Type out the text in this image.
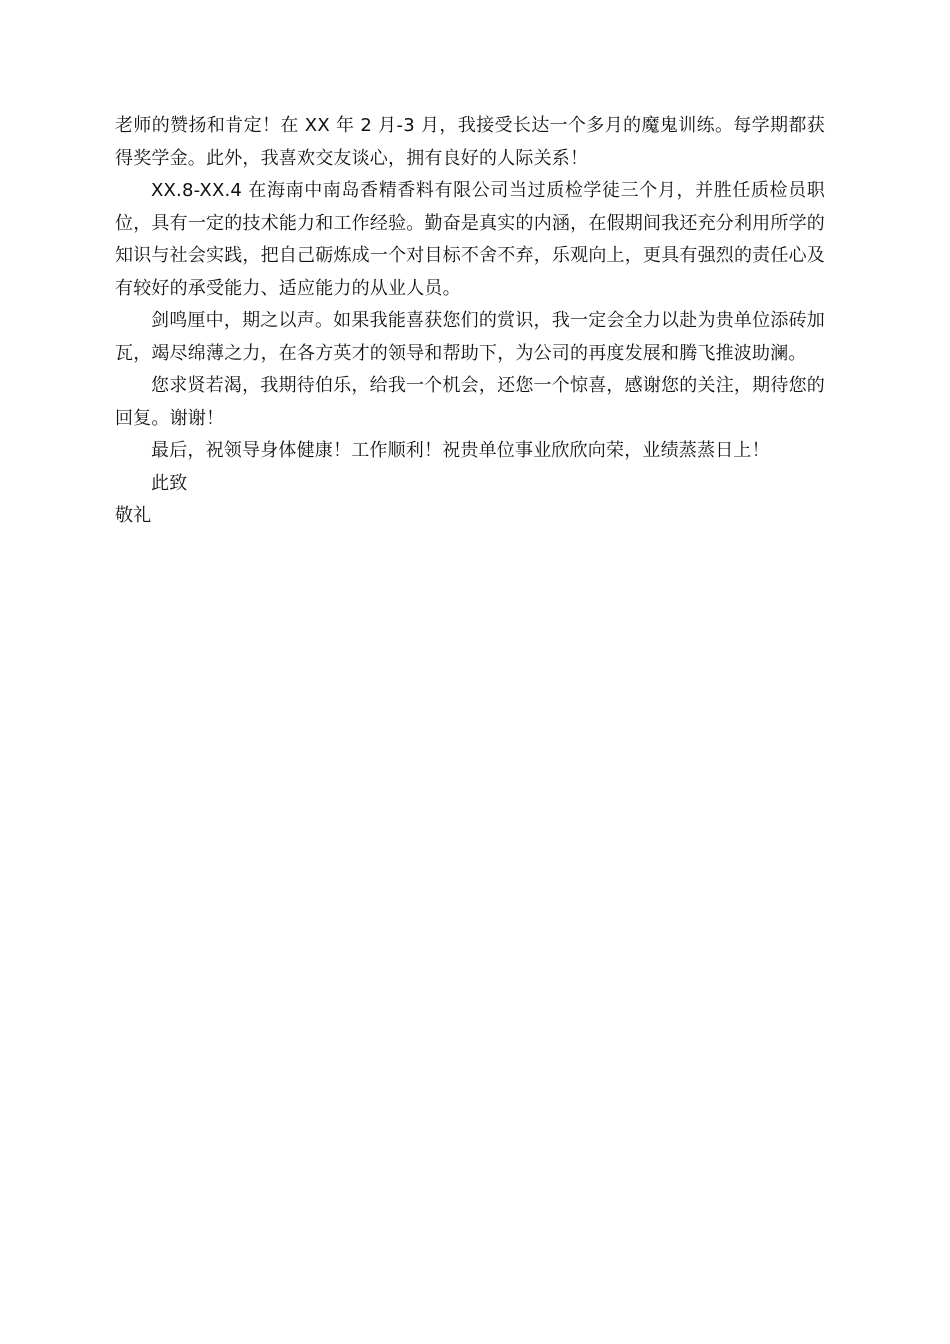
老师的赞扬和肯定！在 XX 年 2 月-3 月，我接受长达一个多月的魔鬼训练。每学期都获得奖学金。此外，我喜欢交友谈心，拥有良好的人际关系！

XX.8-XX.4 在海南中南岛香精香料有限公司当过质检学徒三个月，并胜任质检员职位，具有一定的技术能力和工作经验。勤奋是真实的内涵，在假期间我还充分利用所学的知识与社会实践，把自己砺炼成一个对目标不舍不弃，乐观向上，更具有强烈的责任心及有较好的承受能力、适应能力的从业人员。

剑鸣厘中，期之以声。如果我能喜获您们的赏识，我一定会全力以赴为贵单位添砖加瓦，竭尽绵薄之力，在各方英才的领导和帮助下，为公司的再度发展和腾飞推波助澜。

您求贤若渴，我期待伯乐，给我一个机会，还您一个惊喜，感谢您的关注，期待您的回复。谢谢！

最后，祝领导身体健康！工作顺利！祝贵单位事业欣欣向荣，业绩蒸蒸日上！

此致

敬礼
